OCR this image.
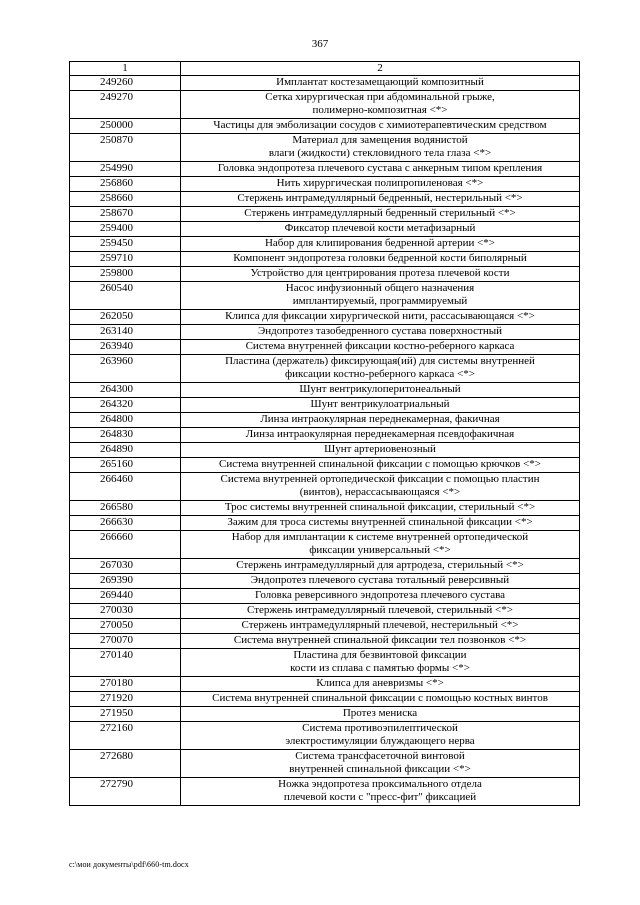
367
1	2
249260	Имплантат костезамещающий композитный

249270	Сетка хирургическая при абдоминальной грыже,
полимерно-композитная <*>

250000	Частицы для эмболизации сосудов с химиотерапевтическим средством

250870	Материал для замещения водянистой
влаги (жидкости) стекловидного тела глаза <*>

254990	Головка эндопротеза плечевого сустава с анкерным типом крепления

256860	Нить хирургическая полипропиленовая <*>

258660	Стержень интрамедуллярный бедренный, нестерильный <*>

258670	Стержень интрамедуллярный бедренный стерильный <*>

259400	Фиксатор плечевой кости метафизарный

259450	Набор для клипирования бедренной артерии <*>

259710	Компонент эндопротеза головки бедренной кости биполярный

259800	Устройство для центрирования протеза плечевой кости

260540	Насос инфузионный общего назначения
имплантируемый, программируемый

262050	Клипса для фиксации хирургической нити, рассасывающаяся <*>

263140	Эндопротез тазобедренного сустава поверхностный

263940	Система внутренней фиксации костно-реберного каркаса

263960	Пластина (держатель) фиксирующая(ий) для системы внутренней
фиксации костно-реберного каркаса <*>

264300	Шунт вентрикулоперитонеальный

264320	Шунт вентрикулоатриальный

264800	Линза интраокулярная переднекамерная, факичная

264830	Линза интраокулярная переднекамерная псевдофакичная

264890	Шунт артериовенозный

265160	Система внутренней спинальной фиксации с помощью крючков <*>

266460	Система внутренней ортопедической фиксации с помощью пластин
(винтов), нерассасывающаяся <*>

266580	Трос системы внутренней спинальной фиксации, стерильный <*>

266630	Зажим для троса системы внутренней спинальной фиксации <*>

266660	Набор для имплантации к системе внутренней ортопедической
фиксации универсальный <*>

267030	Стержень интрамедуллярный для артродеза, стерильный <*>

269390	Эндопротез плечевого сустава тотальный реверсивный

269440	Головка реверсивного эндопротеза плечевого сустава

270030	Стержень интрамедуллярный плечевой, стерильный <*>

270050	Стержень интрамедуллярный плечевой, нестерильный <*>

270070	Система внутренней спинальной фиксации тел позвонков <*>

270140	Пластина для безвинтовой фиксации
кости из сплава с памятью формы <*>

270180	Клипса для аневризмы <*>

271920	Система внутренней спинальной фиксации с помощью костных винтов

271950	Протез мениска

272160	Система противоэпилептической
электростимуляции блуждающего нерва

272680	Система трансфасеточной винтовой
внутренней спинальной фиксации <*>

272790	Ножка эндопротеза проксимального отдела
плечевой кости с "пресс-фит" фиксацией
c:\мои документы\pdf\660-tm.docx
